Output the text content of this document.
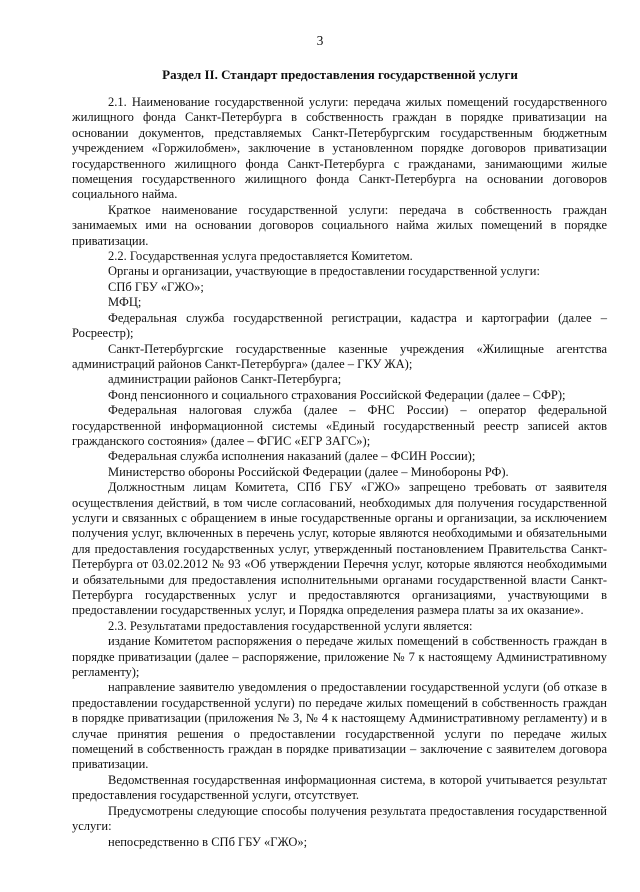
3
Раздел II. Стандарт предоставления государственной услуги

2.1. Наименование государственной услуги: передача жилых помещений государственного жилищного фонда Санкт-Петербурга в собственность граждан в порядке приватизации на основании документов, представляемых Санкт-Петербургским государственным бюджетным учреждением «Горжилобмен», заключение в установленном порядке договоров приватизации государственного жилищного фонда Санкт-Петербурга с гражданами, занимающими жилые помещения государственного жилищного фонда Санкт-Петербурга на основании договоров социального найма.

Краткое наименование государственной услуги: передача в собственность граждан занимаемых ими на основании договоров социального найма жилых помещений в порядке приватизации.

2.2. Государственная услуга предоставляется Комитетом.

Органы и организации, участвующие в предоставлении государственной услуги:

СПб ГБУ «ГЖО»;

МФЦ;

Федеральная служба государственной регистрации, кадастра и картографии (далее – Росреестр);

Санкт-Петербургские государственные казенные учреждения «Жилищные агентства администраций районов Санкт-Петербурга» (далее – ГКУ ЖА);

администрации районов Санкт-Петербурга;

Фонд пенсионного и социального страхования Российской Федерации (далее – СФР);

Федеральная налоговая служба (далее – ФНС России) – оператор федеральной государственной информационной системы «Единый государственный реестр записей актов гражданского состояния» (далее – ФГИС «ЕГР ЗАГС»);

Федеральная служба исполнения наказаний (далее – ФСИН России);

Министерство обороны Российской Федерации (далее – Минобороны РФ).

Должностным лицам Комитета, СПб ГБУ «ГЖО» запрещено требовать от заявителя осуществления действий, в том числе согласований, необходимых для получения государственной услуги и связанных с обращением в иные государственные органы и организации, за исключением получения услуг, включенных в перечень услуг, которые являются необходимыми и обязательными для предоставления государственных услуг, утвержденный постановлением Правительства Санкт-Петербурга от 03.02.2012 № 93 «Об утверждении Перечня услуг, которые являются необходимыми и обязательными для предоставления исполнительными органами государственной власти Санкт-Петербурга государственных услуг и предоставляются организациями, участвующими в предоставлении государственных услуг, и Порядка определения размера платы за их оказание».

2.3. Результатами предоставления государственной услуги является:

издание Комитетом распоряжения о передаче жилых помещений в собственность граждан в порядке приватизации (далее – распоряжение, приложение № 7 к настоящему Административному регламенту);

направление заявителю уведомления о предоставлении государственной услуги (об отказе в предоставлении государственной услуги) по передаче жилых помещений в собственность граждан в порядке приватизации (приложения № 3, № 4 к настоящему Административному регламенту) и в случае принятия решения о предоставлении государственной услуги по передаче жилых помещений в собственность граждан в порядке приватизации – заключение с заявителем договора приватизации.

Ведомственная государственная информационная система, в которой учитывается результат предоставления государственной услуги, отсутствует.

Предусмотрены следующие способы получения результата предоставления государственной услуги:

непосредственно в СПб ГБУ «ГЖО»;
